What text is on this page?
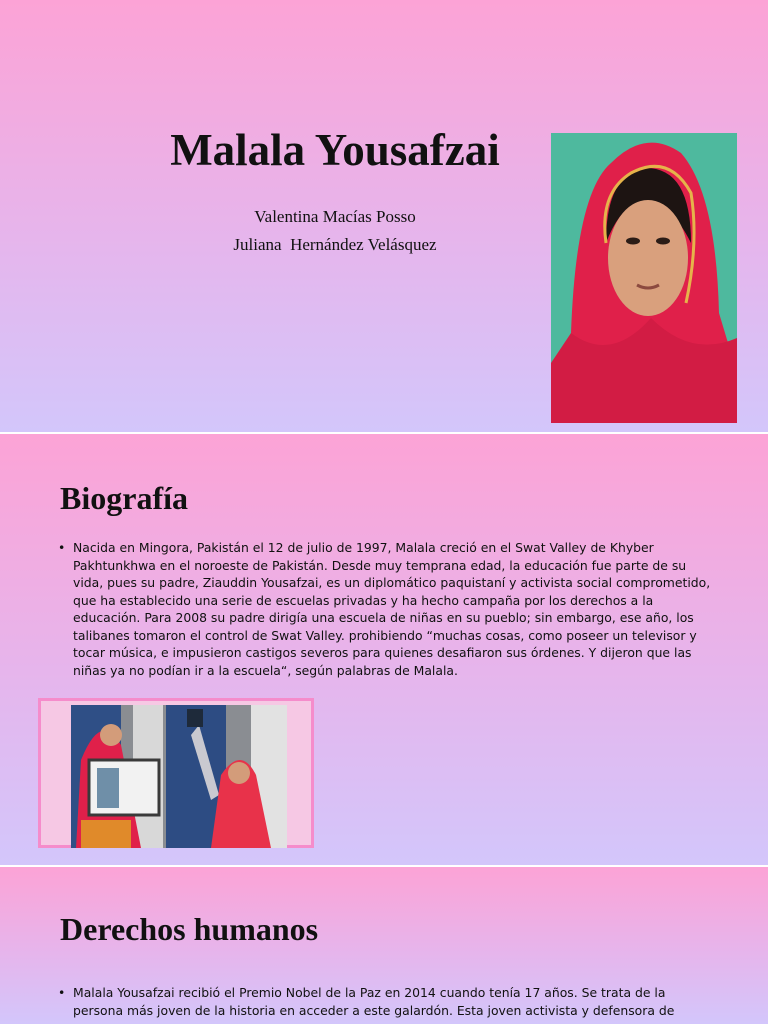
Malala Yousafzai
Valentina Macías Posso
Juliana  Hernández Velásquez
Biografía
• Nacida en Mingora, Pakistán el 12 de julio de 1997, Malala creció en el Swat Valley de Khyber Pakhtunkhwa en el noroeste de Pakistán. Desde muy temprana edad, la educación fue parte de su vida, pues su padre, Ziauddin Yousafzai, es un diplomático paquistaní y activista social comprometido, que ha establecido una serie de escuelas privadas y ha hecho campaña por los derechos a la educación. Para 2008 su padre dirigía una escuela de niñas en su pueblo; sin embargo, ese año, los talibanes tomaron el control de Swat Valley. prohibiendo “muchas cosas, como poseer un televisor y tocar música, e impusieron castigos severos para quienes desafiaron sus órdenes. Y dijeron que las niñas ya no podían ir a la escuela“, según palabras de Malala.
Derechos humanos
• Malala Yousafzai recibió el Premio Nobel de la Paz en 2014 cuando tenía 17 años. Se trata de la persona más joven de la historia en acceder a este galardón. Esta joven activista y defensora de
